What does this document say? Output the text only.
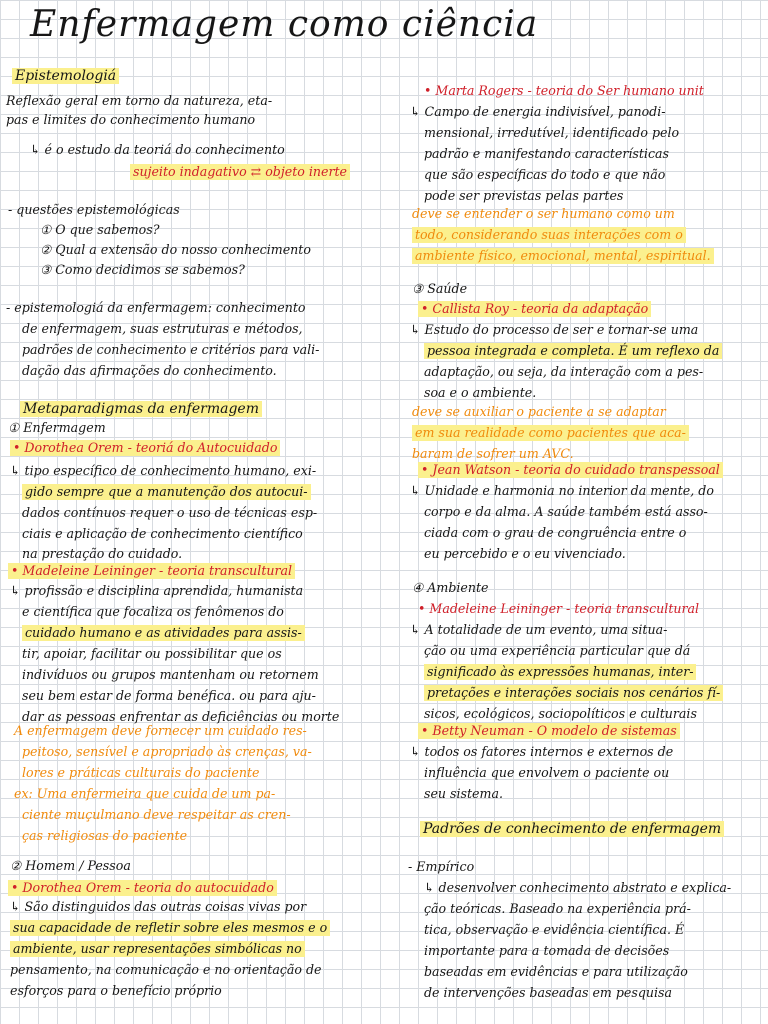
Enfermagem como ciência
Epistemologiá
Reflexão geral em torno da natureza, eta-
pas e limites do conhecimento humano
↳ é o estudo da teoriá do conhecimento
sujeito indagativo ⇄ objeto inerte
- questões epistemológicas
① O que sabemos?
② Qual a extensão do nosso conhecimento
③ Como decidimos se sabemos?
- epistemologiá da enfermagem: conhecimento
de enfermagem, suas estruturas e métodos,
padrões de conhecimento e critérios para vali-
dação das afirmações do conhecimento.
Metaparadigmas da enfermagem
① Enfermagem
• Dorothea Orem - teoriá do Autocuidado
↳ tipo específico de conhecimento humano, exi-
gido sempre que a manutenção dos autocui-
dados contínuos requer o uso de técnicas esp-
ciais e aplicação de conhecimento científico
na prestação do cuidado.
• Madeleine Leininger - teoria transcultural
↳ profissão e disciplina aprendida, humanista
e científica que focaliza os fenômenos do
cuidado humano e as atividades para assis-
tir, apoiar, facilitar ou possibilitar que os
indivíduos ou grupos mantenham ou retornem
seu bem estar de forma benéfica. ou para aju-
dar as pessoas enfrentar as deficiências ou morte
A enfermagem deve fornecer um cuidado res-
peitoso, sensível e apropriado às crenças, va-
lores e práticas culturais do paciente
ex: Uma enfermeira que cuida de um pa-
ciente muçulmano deve respeitar as cren-
ças religiosas do paciente
② Homem / Pessoa
• Dorothea Orem - teoria do autocuidado
↳ São distinguidos das outras coisas vivas por
sua capacidade de refletir sobre eles mesmos e o
ambiente, usar representações simbólicas no
pensamento, na comunicação e no orientação de
esforços para o benefício próprio
• Marta Rogers - teoria do Ser humano unit
↳ Campo de energia indivisível, panodi-
mensional, irredutível, identificado pelo
padrão e manifestando características
que são específicas do todo e que não
pode ser previstas pelas partes
deve se entender o ser humano como um
todo, considerando suas interações com o
ambiente físico, emocional, mental, espiritual.
③ Saúde
• Callista Roy - teoria da adaptação
↳ Estudo do processo de ser e tornar-se uma
pessoa integrada e completa. É um reflexo da
adaptação, ou seja, da interação com a pes-
soa e o ambiente.
deve se auxiliar o paciente a se adaptar
em sua realidade como pacientes que aca-
baram de sofrer um AVC.
• Jean Watson - teoria do cuidado transpessoal
↳ Unidade e harmonia no interior da mente, do
corpo e da alma. A saúde também está asso-
ciada com o grau de congruência entre o
eu percebido e o eu vivenciado.
④ Ambiente
• Madeleine Leininger - teoria transcultural
↳ A totalidade de um evento, uma situa-
ção ou uma experiência particular que dá
significado às expressões humanas, inter-
pretações e interações sociais nos cenários fí-
sicos, ecológicos, sociopolíticos e culturais
• Betty Neuman - O modelo de sistemas
↳ todos os fatores internos e externos de
influência que envolvem o paciente ou
seu sistema.
Padrões de conhecimento de enfermagem
- Empírico
↳ desenvolver conhecimento abstrato e explica-
ção teóricas. Baseado na experiência prá-
tica, observação e evidência científica. É
importante para a tomada de decisões
baseadas em evidências e para utilização
de intervenções baseadas em pesquisa
